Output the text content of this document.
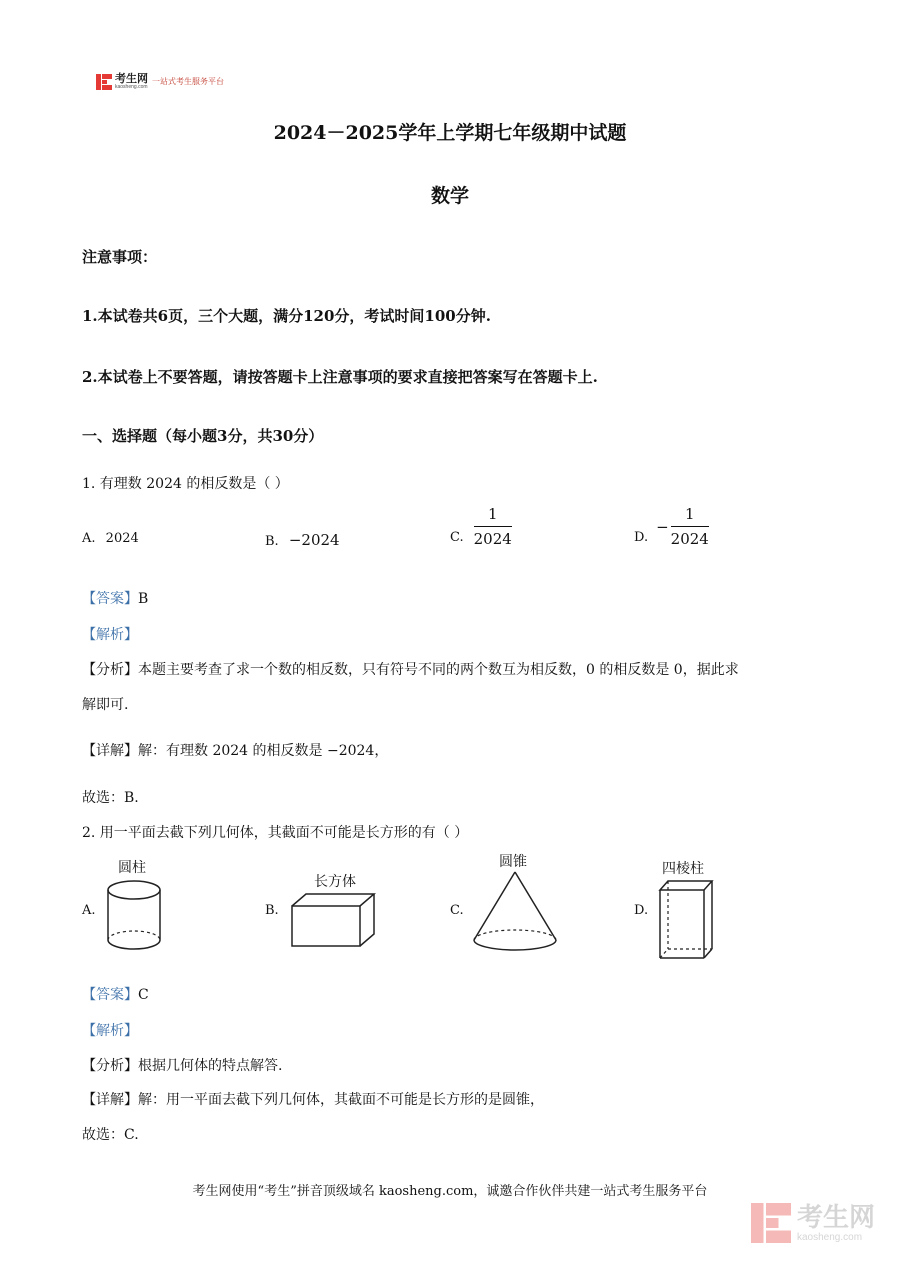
考生网
kaosheng.com
一站式考生服务平台
2024－2025学年上学期七年级期中试题
数学
注意事项：
1.本试卷共6页，三个大题，满分120分，考试时间100分钟.
2.本试卷上不要答题，请按答题卡上注意事项的要求直接把答案写在答题卡上.
一、选择题（每小题3分，共30分）
1. 有理数 2024 的相反数是（ ）
A. 2024	B. −2024	C. $\frac{1}{2024}$	D.
− $\frac{1}{2024}$
【答案】B
【解析】
【分析】本题主要考查了求一个数的相反数，只有符号不同的两个数互为相反数，0 的相反数是 0，据此求
解即可.
【详解】解：有理数 2024 的相反数是 −2024，
故选：B.
2. 用一平面去截下列几何体，其截面不可能是长方形的有（ ）
A.
圆柱
B.
长方体
C.
圆锥
D.
四棱柱
【答案】C
【解析】
【分析】根据几何体的特点解答.
【详解】解：用一平面去截下列几何体，其截面不可能是长方形的是圆锥，
故选：C.
考生网使用“考生”拼音顶级域名 kaosheng.com，诚邀合作伙伴共建一站式考生服务平台
考生网
kaosheng.com
